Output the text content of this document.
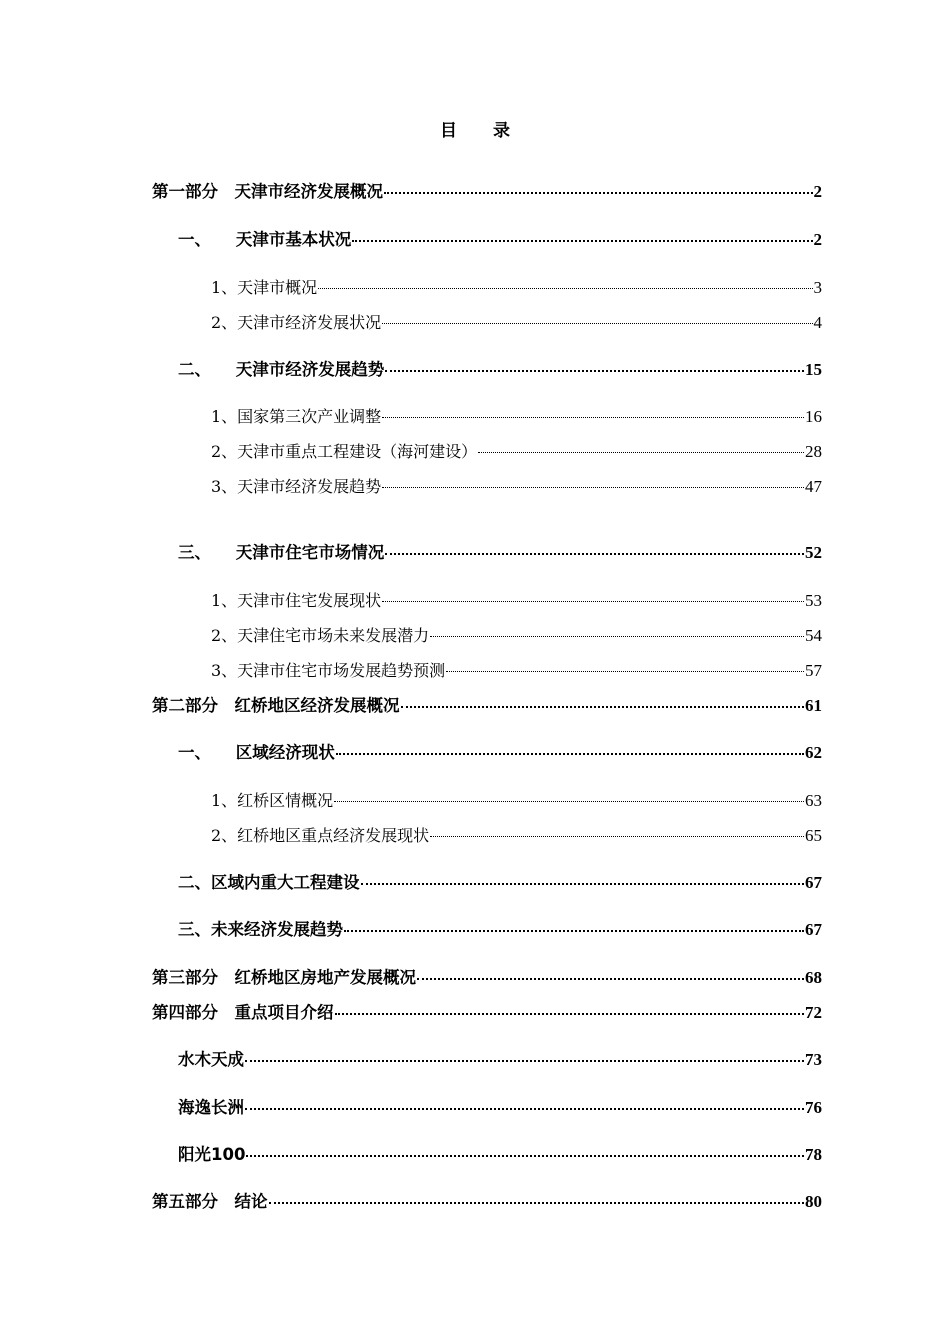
目 录
第一部分　天津市经济发展概况	2
一、　　天津市基本状况	2
1、天津市概况	3
2、天津市经济发展状况	4
二、　　天津市经济发展趋势	15
1、国家第三次产业调整	16
2、天津市重点工程建设（海河建设）	28
3、天津市经济发展趋势	47
三、　　天津市住宅市场情况	52
1、天津市住宅发展现状	53
2、天津住宅市场未来发展潜力	54
3、天津市住宅市场发展趋势预测	57
第二部分　红桥地区经济发展概况	61
一、　　区域经济现状	62
1、红桥区情概况	63
2、红桥地区重点经济发展现状	65
二、区域内重大工程建设	67
三、未来经济发展趋势	67
第三部分　红桥地区房地产发展概况	68
第四部分　重点项目介绍	72
水木天成	73
海逸长洲	76
阳光100	78
第五部分　结论	80
